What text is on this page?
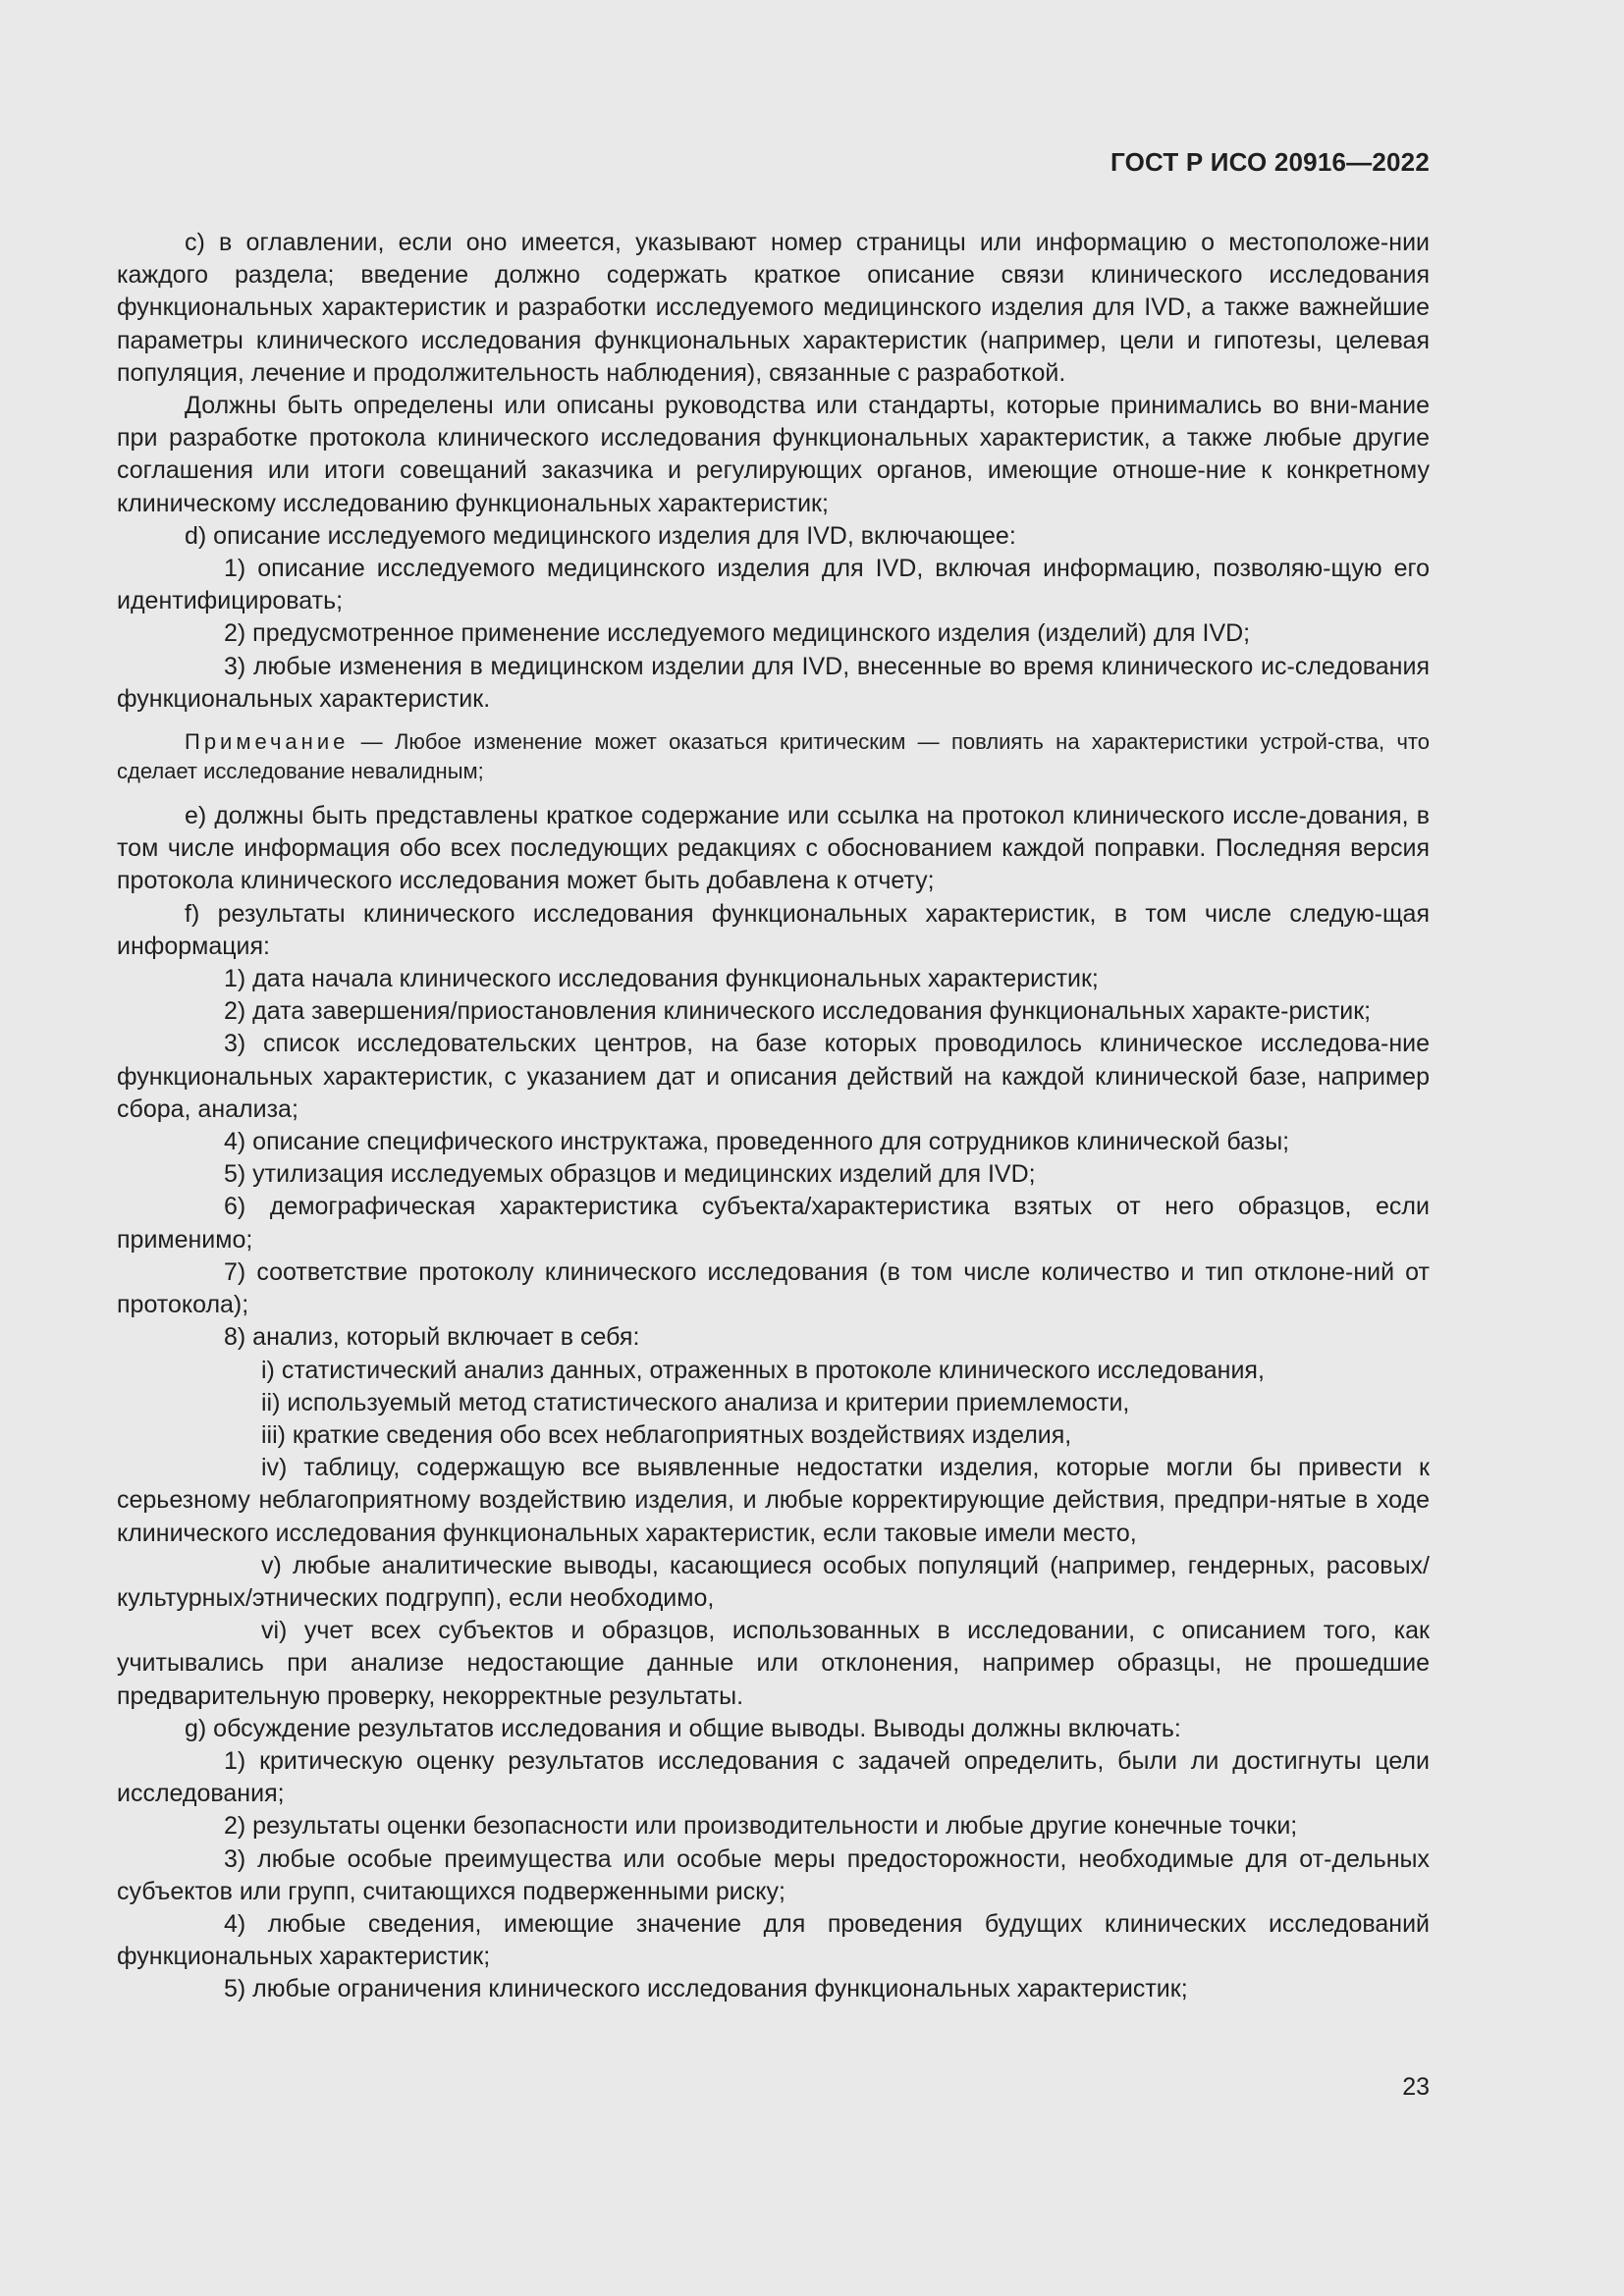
ГОСТ Р ИСО 20916—2022

c) в оглавлении, если оно имеется, указывают номер страницы или информацию о местоположе-нии каждого раздела; введение должно содержать краткое описание связи клинического исследования функциональных характеристик и разработки исследуемого медицинского изделия для IVD, а также важнейшие параметры клинического исследования функциональных характеристик (например, цели и гипотезы, целевая популяция, лечение и продолжительность наблюдения), связанные с разработкой.

Должны быть определены или описаны руководства или стандарты, которые принимались во вни-мание при разработке протокола клинического исследования функциональных характеристик, а также любые другие соглашения или итоги совещаний заказчика и регулирующих органов, имеющие отноше-ние к конкретному клиническому исследованию функциональных характеристик;

d) описание исследуемого медицинского изделия для IVD, включающее:

1) описание исследуемого медицинского изделия для IVD, включая информацию, позволяю-щую его идентифицировать;

2) предусмотренное применение исследуемого медицинского изделия (изделий) для IVD;

3) любые изменения в медицинском изделии для IVD, внесенные во время клинического ис-следования функциональных характеристик.

Примечание — Любое изменение может оказаться критическим — повлиять на характеристики устрой-ства, что сделает исследование невалидным;

e) должны быть представлены краткое содержание или ссылка на протокол клинического иссле-дования, в том числе информация обо всех последующих редакциях с обоснованием каждой поправки. Последняя версия протокола клинического исследования может быть добавлена к отчету;

f) результаты клинического исследования функциональных характеристик, в том числе следую-щая информация:

1) дата начала клинического исследования функциональных характеристик;

2) дата завершения/приостановления клинического исследования функциональных характе-ристик;

3) список исследовательских центров, на базе которых проводилось клиническое исследова-ние функциональных характеристик, с указанием дат и описания действий на каждой клинической базе, например сбора, анализа;

4) описание специфического инструктажа, проведенного для сотрудников клинической базы;

5) утилизация исследуемых образцов и медицинских изделий для IVD;

6) демографическая характеристика субъекта/характеристика взятых от него образцов, если применимо;

7) соответствие протоколу клинического исследования (в том числе количество и тип отклоне-ний от протокола);

8) анализ, который включает в себя:

i) статистический анализ данных, отраженных в протоколе клинического исследования,

ii) используемый метод статистического анализа и критерии приемлемости,

iii) краткие сведения обо всех неблагоприятных воздействиях изделия,

iv) таблицу, содержащую все выявленные недостатки изделия, которые могли бы привести к серьезному неблагоприятному воздействию изделия, и любые корректирующие действия, предпри-нятые в ходе клинического исследования функциональных характеристик, если таковые имели место,

v) любые аналитические выводы, касающиеся особых популяций (например, гендерных, расовых/культурных/этнических подгрупп), если необходимо,

vi) учет всех субъектов и образцов, использованных в исследовании, с описанием того, как учитывались при анализе недостающие данные или отклонения, например образцы, не прошедшие предварительную проверку, некорректные результаты.

g) обсуждение результатов исследования и общие выводы. Выводы должны включать:

1) критическую оценку результатов исследования с задачей определить, были ли достигнуты цели исследования;

2) результаты оценки безопасности или производительности и любые другие конечные точки;

3) любые особые преимущества или особые меры предосторожности, необходимые для от-дельных субъектов или групп, считающихся подверженными риску;

4) любые сведения, имеющие значение для проведения будущих клинических исследований функциональных характеристик;

5) любые ограничения клинического исследования функциональных характеристик;

23
